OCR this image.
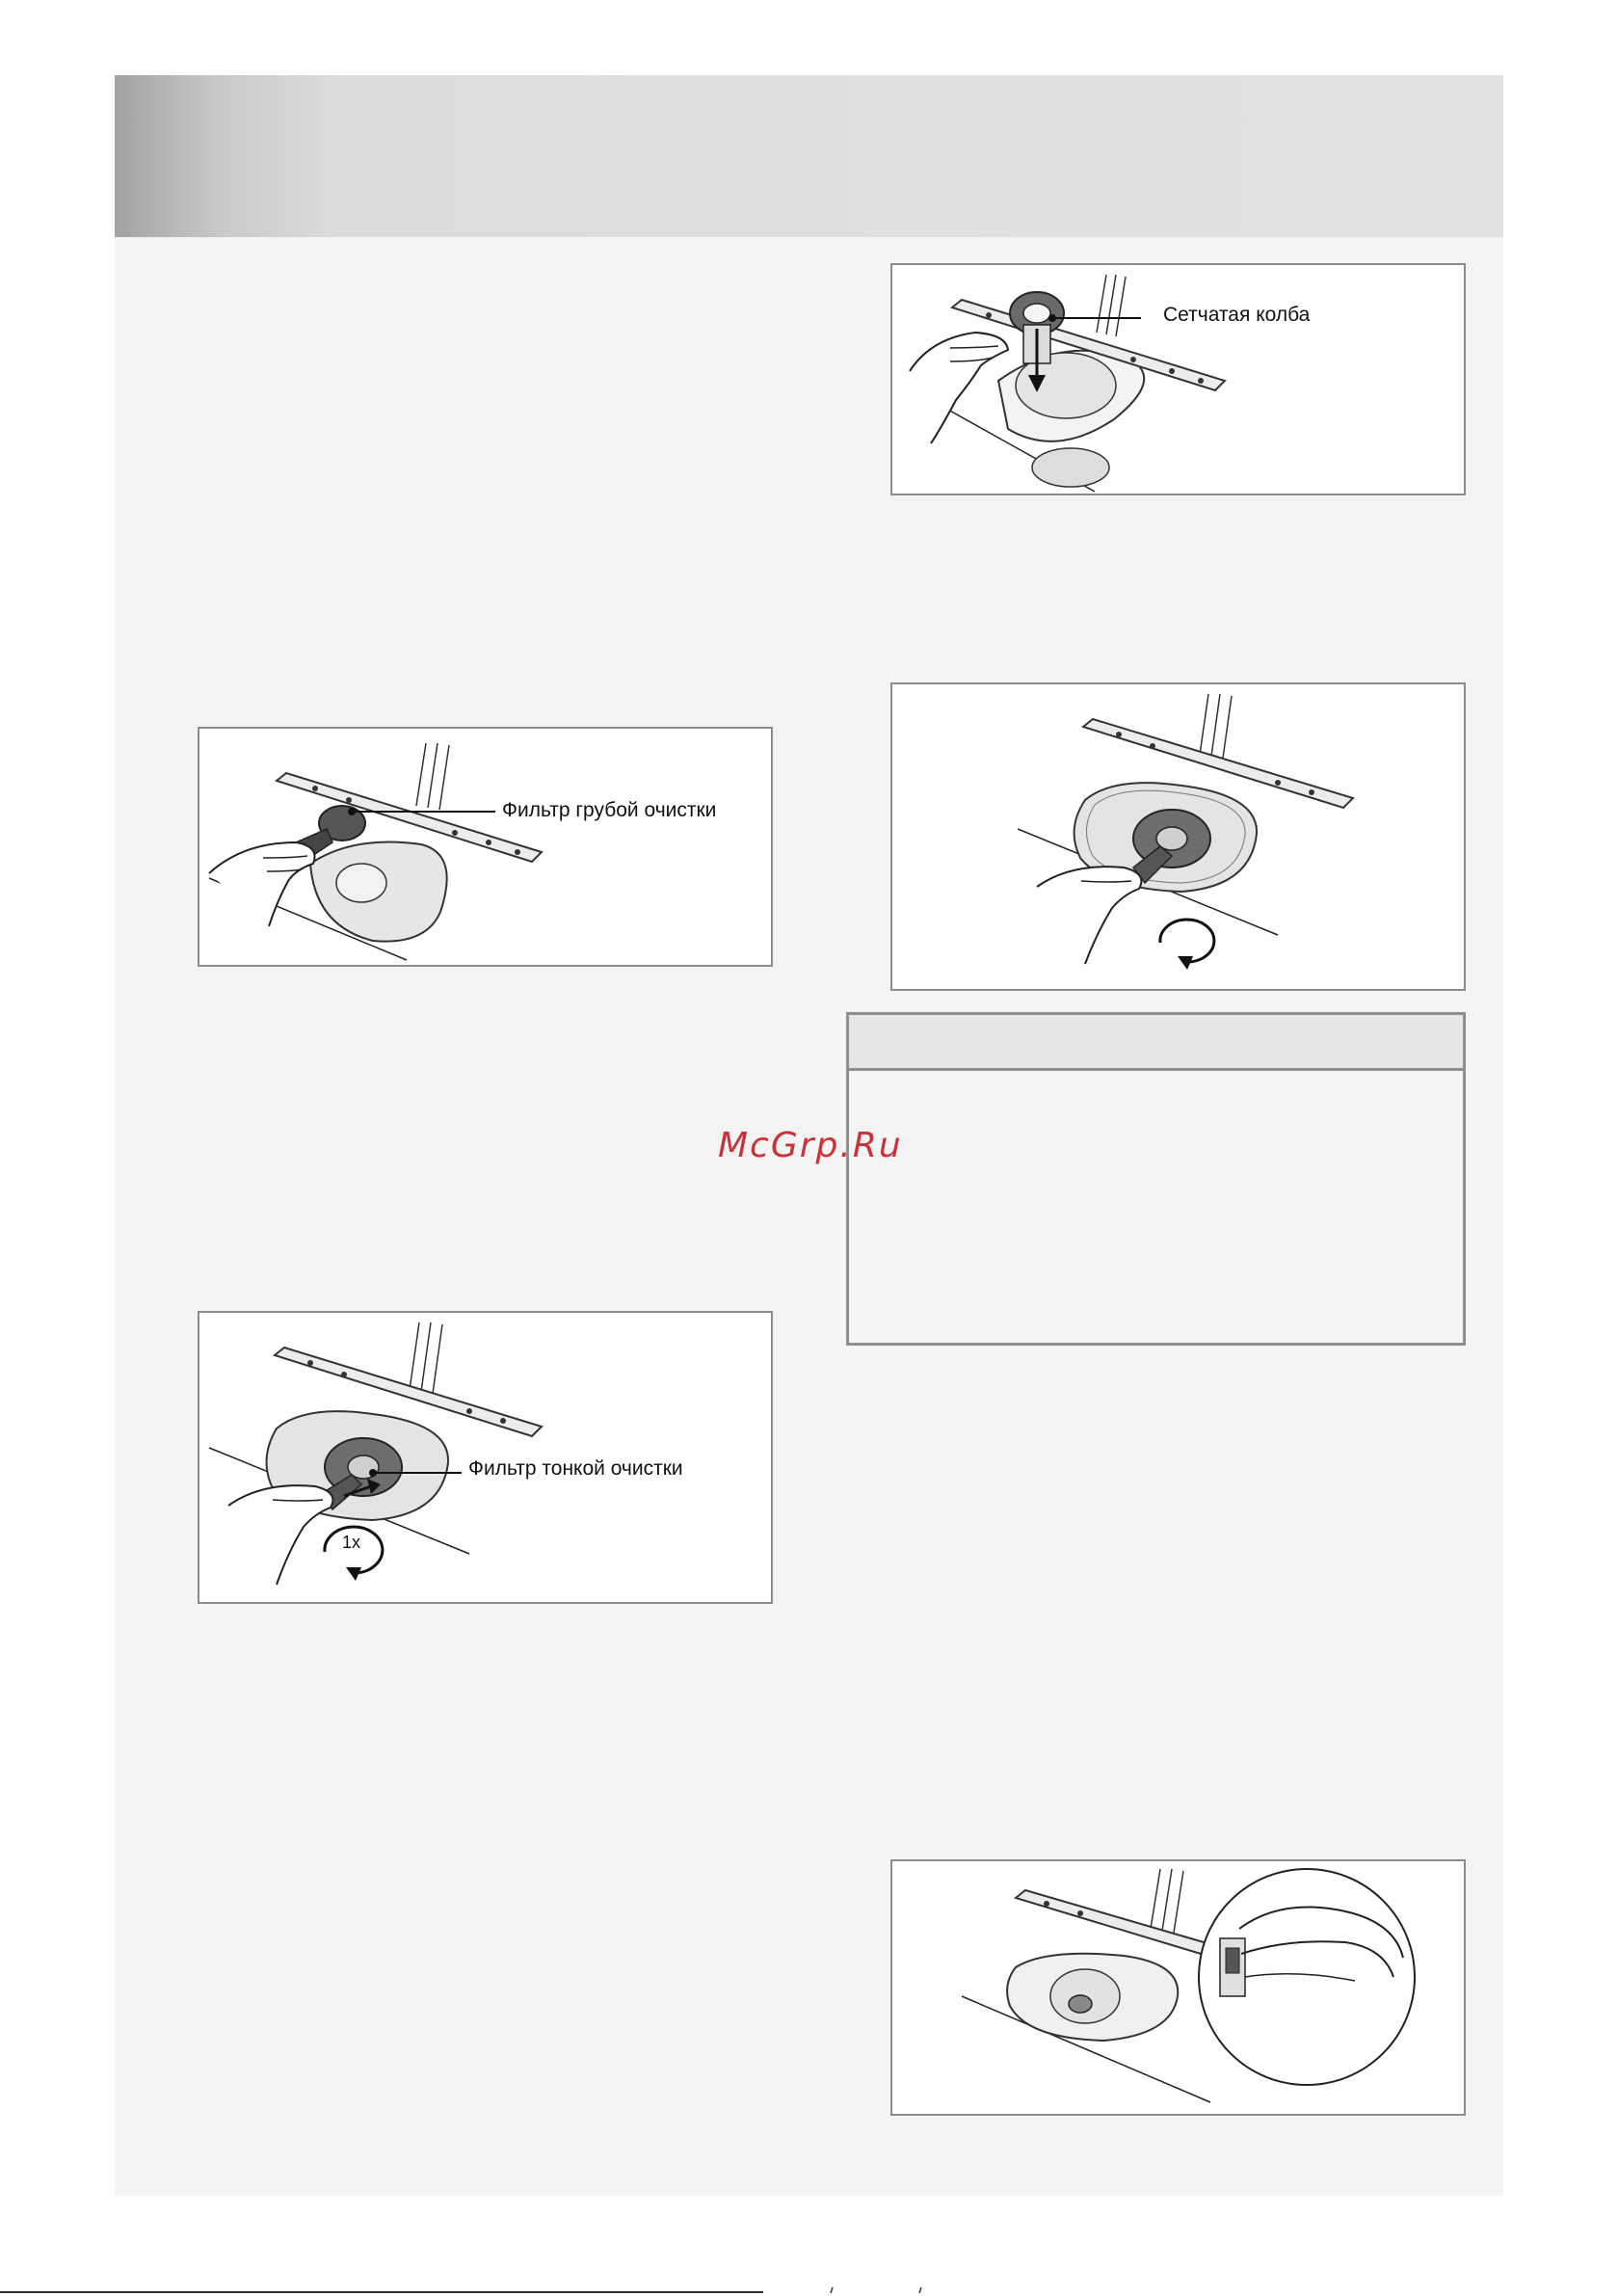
Сетчатая колба
Фильтр грубой очистки
McGrp.Ru
Фильтр тонкой очистки
1x
